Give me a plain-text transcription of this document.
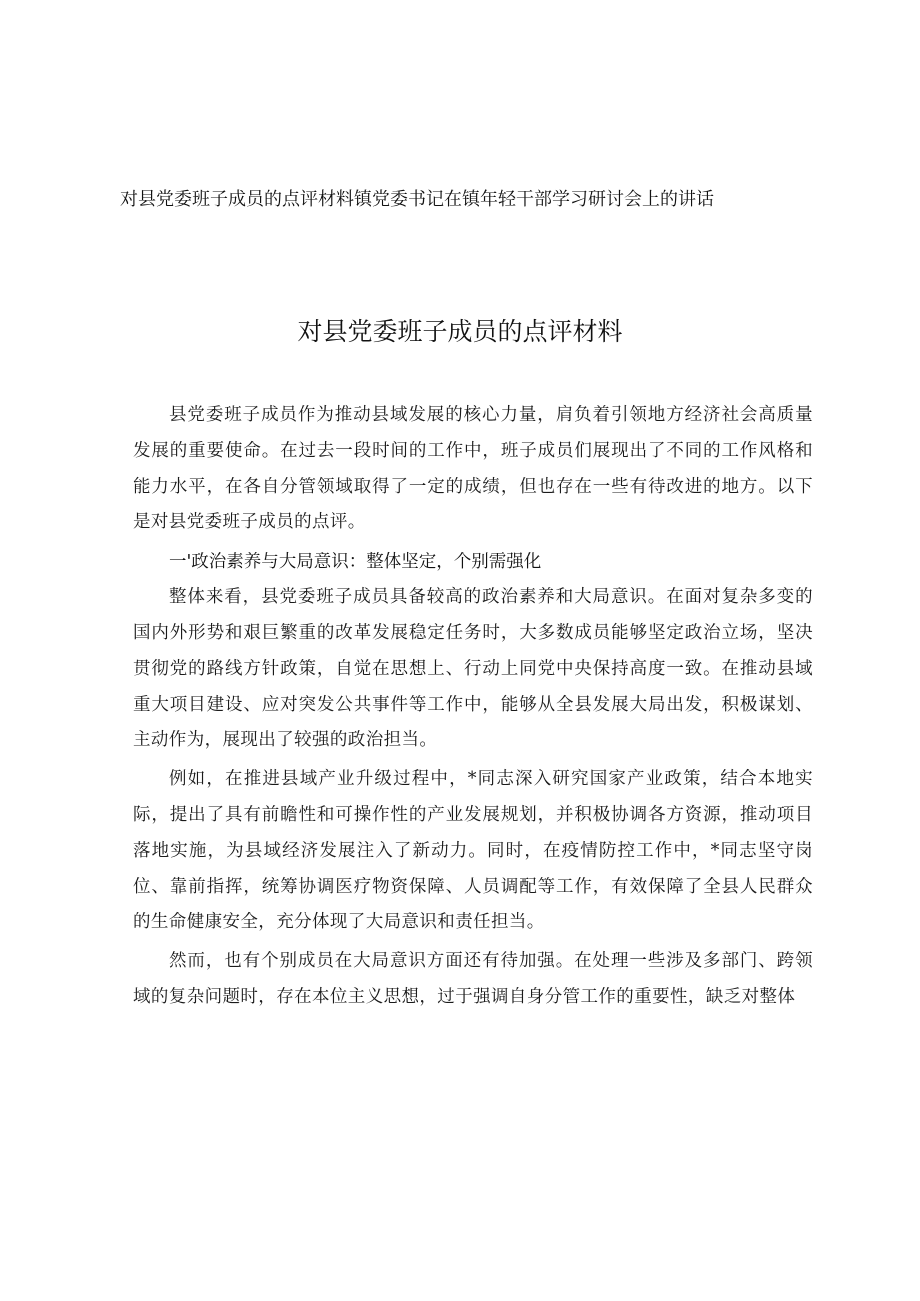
对县党委班子成员的点评材料镇党委书记在镇年轻干部学习研讨会上的讲话
对县党委班子成员的点评材料

县党委班子成员作为推动县域发展的核心力量，肩负着引领地方经济社会高质量发展的重要使命。在过去一段时间的工作中，班子成员们展现出了不同的工作风格和能力水平，在各自分管领域取得了一定的成绩，但也存在一些有待改进的地方。以下是对县党委班子成员的点评。

一'政治素养与大局意识：整体坚定，个别需强化

整体来看，县党委班子成员具备较高的政治素养和大局意识。在面对复杂多变的国内外形势和艰巨繁重的改革发展稳定任务时，大多数成员能够坚定政治立场，坚决贯彻党的路线方针政策，自觉在思想上、行动上同党中央保持高度一致。在推动县域重大项目建设、应对突发公共事件等工作中，能够从全县发展大局出发，积极谋划、主动作为，展现出了较强的政治担当。

例如，在推进县域产业升级过程中，*同志深入研究国家产业政策，结合本地实际，提出了具有前瞻性和可操作性的产业发展规划，并积极协调各方资源，推动项目落地实施，为县域经济发展注入了新动力。同时，在疫情防控工作中，*同志坚守岗位、靠前指挥，统筹协调医疗物资保障、人员调配等工作，有效保障了全县人民群众的生命健康安全，充分体现了大局意识和责任担当。

然而，也有个别成员在大局意识方面还有待加强。在处理一些涉及多部门、跨领域的复杂问题时，存在本位主义思想，过于强调自身分管工作的重要性，缺乏对整体
